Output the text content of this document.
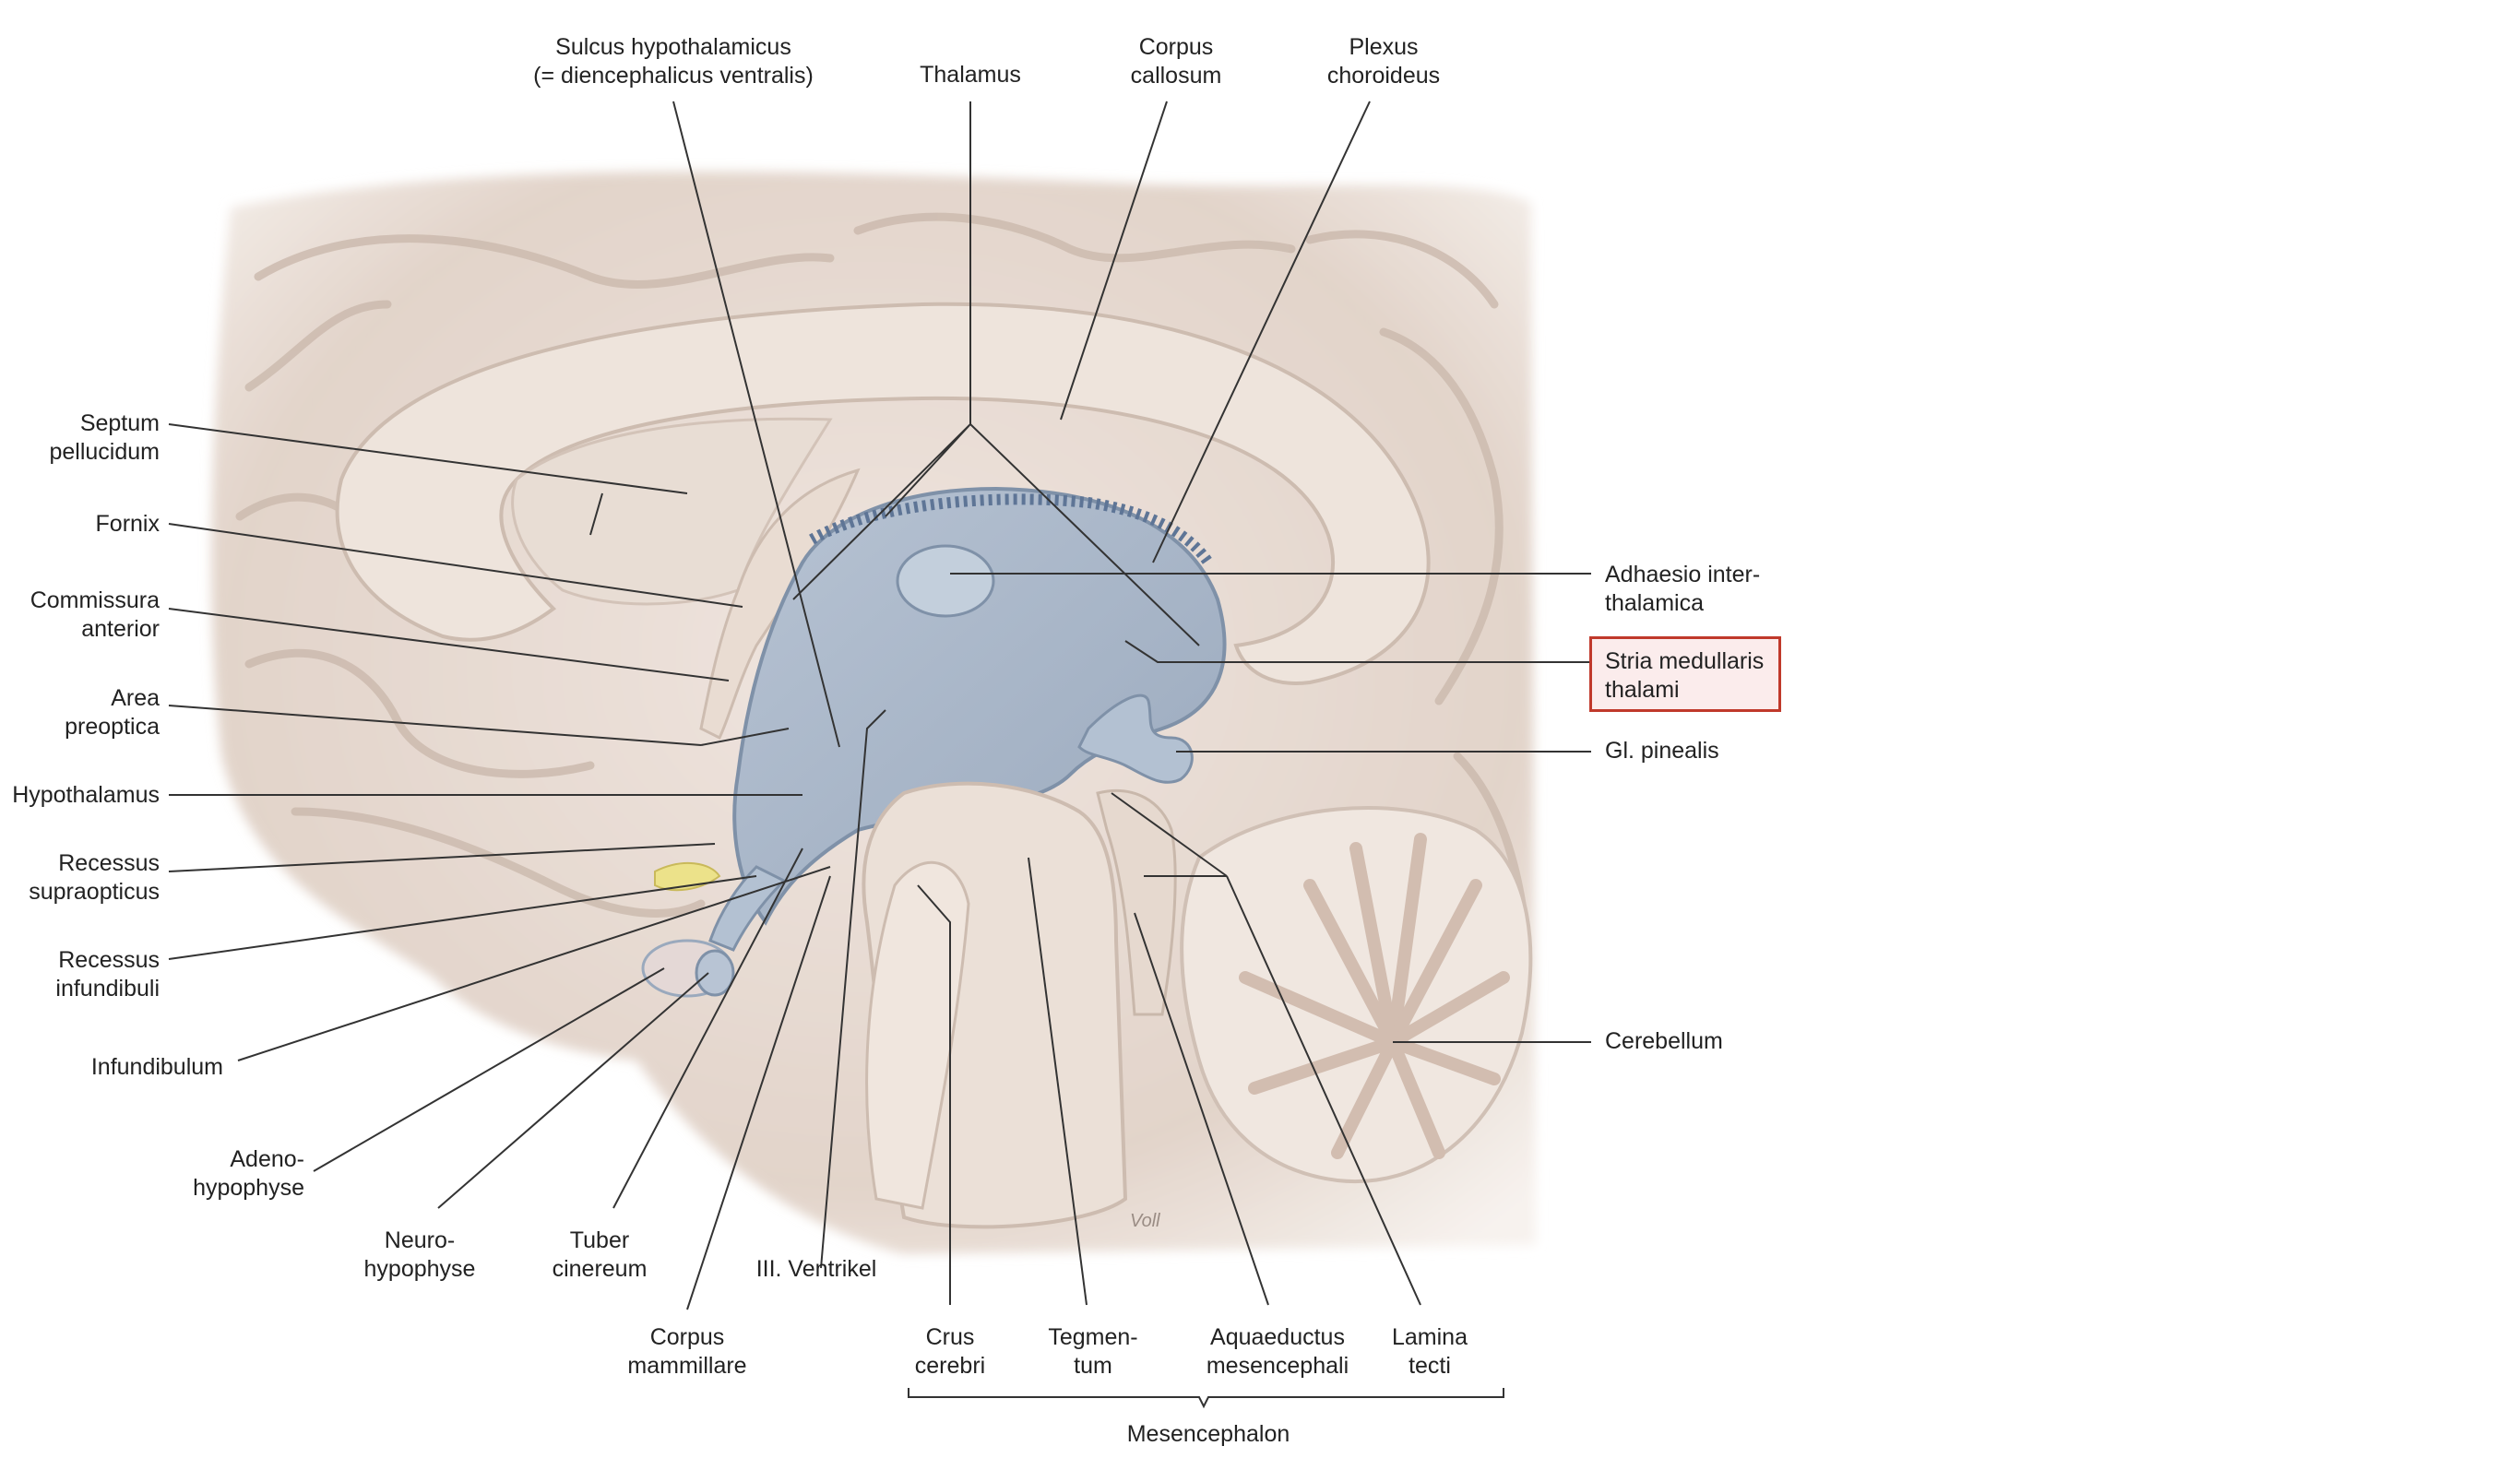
Voll
Sulcus hypothalamicus
(= diencephalicus ventralis)	Thalamus
Corpus
callosum
Plexus
choroideus
Septum
pellucidum
Fornix
Commissura
anterior
Area
preoptica
Hypothalamus
Recessus
supraopticus
Recessus
infundibuli
Infundibulum
Adeno-
hypophyse
Neuro-
hypophyse
Tuber
cinereum
Corpus
mammillare
III. Ventrikel
Crus
cerebri
Tegmen-
tum
Aquaeductus
mesencephali
Lamina
tecti
Mesencephalon
Adhaesio inter-
thalamica
Stria medullaris
thalami
Gl. pinealis
Cerebellum
